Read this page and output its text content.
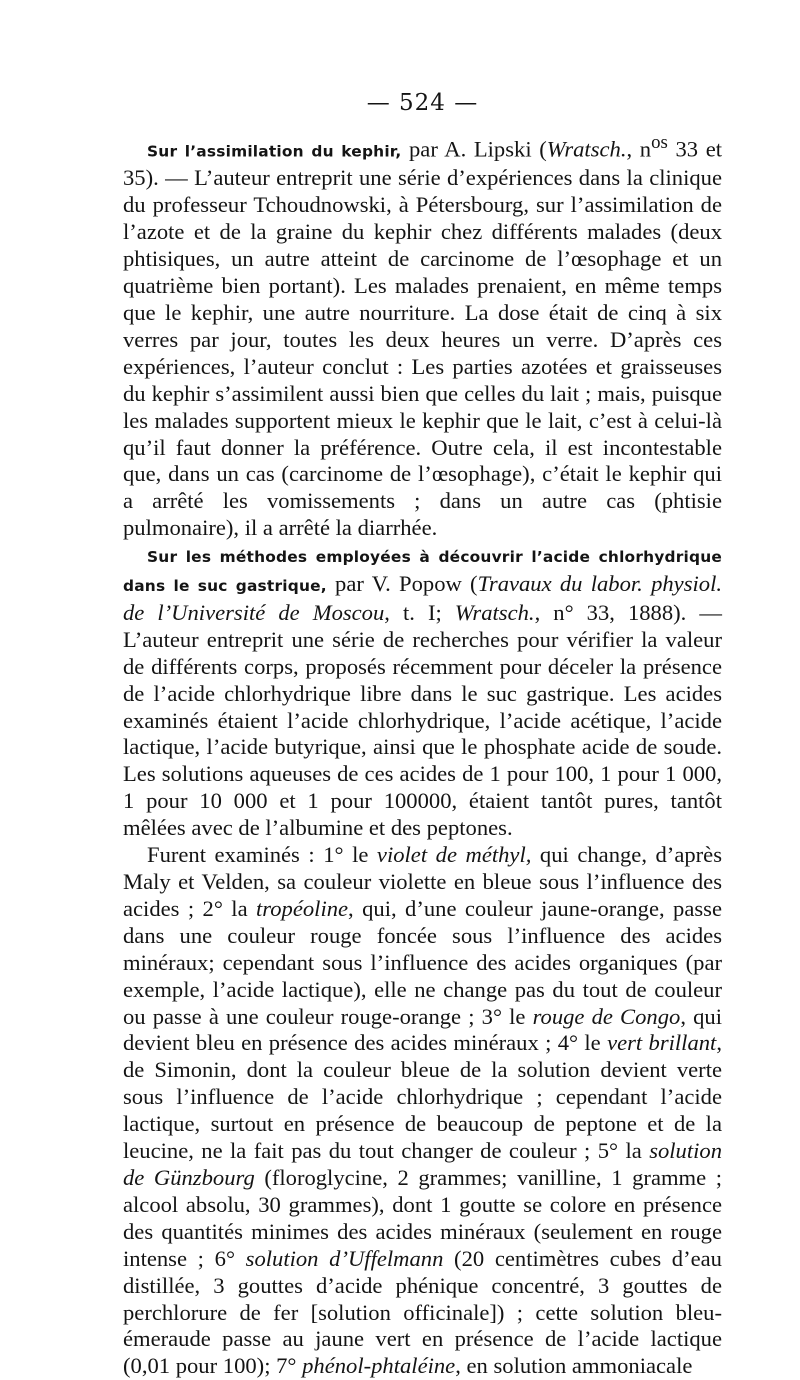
— 524 —

Sur l’assimilation du kephir, par A. Lipski (Wratsch., $n^{os}$ 33 et 35). — L’auteur entreprit une série d’expériences dans la clinique du professeur Tchoudnowski, à Pétersbourg, sur l’assimilation de l’azote et de la graine du kephir chez différents malades (deux phtisiques, un autre atteint de carcinome de l’œsophage et un quatrième bien portant). Les malades prenaient, en même temps que le kephir, une autre nourriture. La dose était de cinq à six verres par jour, toutes les deux heures un verre. D’après ces expériences, l’auteur conclut : Les parties azotées et graisseuses du kephir s’assimilent aussi bien que celles du lait ; mais, puisque les malades supportent mieux le kephir que le lait, c’est à celui-là qu’il faut donner la préférence. Outre cela, il est incontestable que, dans un cas (carcinome de l’œsophage), c’était le kephir qui a arrêté les vomissements ; dans un autre cas (phtisie pulmonaire), il a arrêté la diarrhée.

Sur les méthodes employées à découvrir l’acide chlorhydrique dans le suc gastrique, par V. Popow (Travaux du labor. physiol. de l’Université de Moscou, t. I; Wratsch., n° 33, 1888). — L’auteur entreprit une série de recherches pour vérifier la valeur de différents corps, proposés récemment pour déceler la présence de l’acide chlorhydrique libre dans le suc gastrique. Les acides examinés étaient l’acide chlorhydrique, l’acide acétique, l’acide lactique, l’acide butyrique, ainsi que le phosphate acide de soude. Les solutions aqueuses de ces acides de 1 pour 100, 1 pour 1 000, 1 pour 10 000 et 1 pour 100000, étaient tantôt pures, tantôt mêlées avec de l’albumine et des peptones.

Furent examinés : 1° le violet de méthyl, qui change, d’après Maly et Velden, sa couleur violette en bleue sous l’influence des acides ; 2° la tropéoline, qui, d’une couleur jaune-orange, passe dans une couleur rouge foncée sous l’influence des acides minéraux; cependant sous l’influence des acides organiques (par exemple, l’acide lactique), elle ne change pas du tout de couleur ou passe à une couleur rouge-orange ; 3° le rouge de Congo, qui devient bleu en présence des acides minéraux ; 4° le vert brillant, de Simonin, dont la couleur bleue de la solution devient verte sous l’influence de l’acide chlorhydrique ; cependant l’acide lactique, surtout en présence de beaucoup de peptone et de la leucine, ne la fait pas du tout changer de couleur ; 5° la solution de Günzbourg (floroglycine, 2 grammes; vanilline, 1 gramme ; alcool absolu, 30 grammes), dont 1 goutte se colore en présence des quantités minimes des acides minéraux (seulement en rouge intense ; 6° solution d’Uffelmann (20 centimètres cubes d’eau distillée, 3 gouttes d’acide phénique concentré, 3 gouttes de perchlorure de fer [solution officinale]) ; cette solution bleu-émeraude passe au jaune vert en présence de l’acide lactique (0,01 pour 100); 7° phénol-phtaléine, en solution ammoniacale
